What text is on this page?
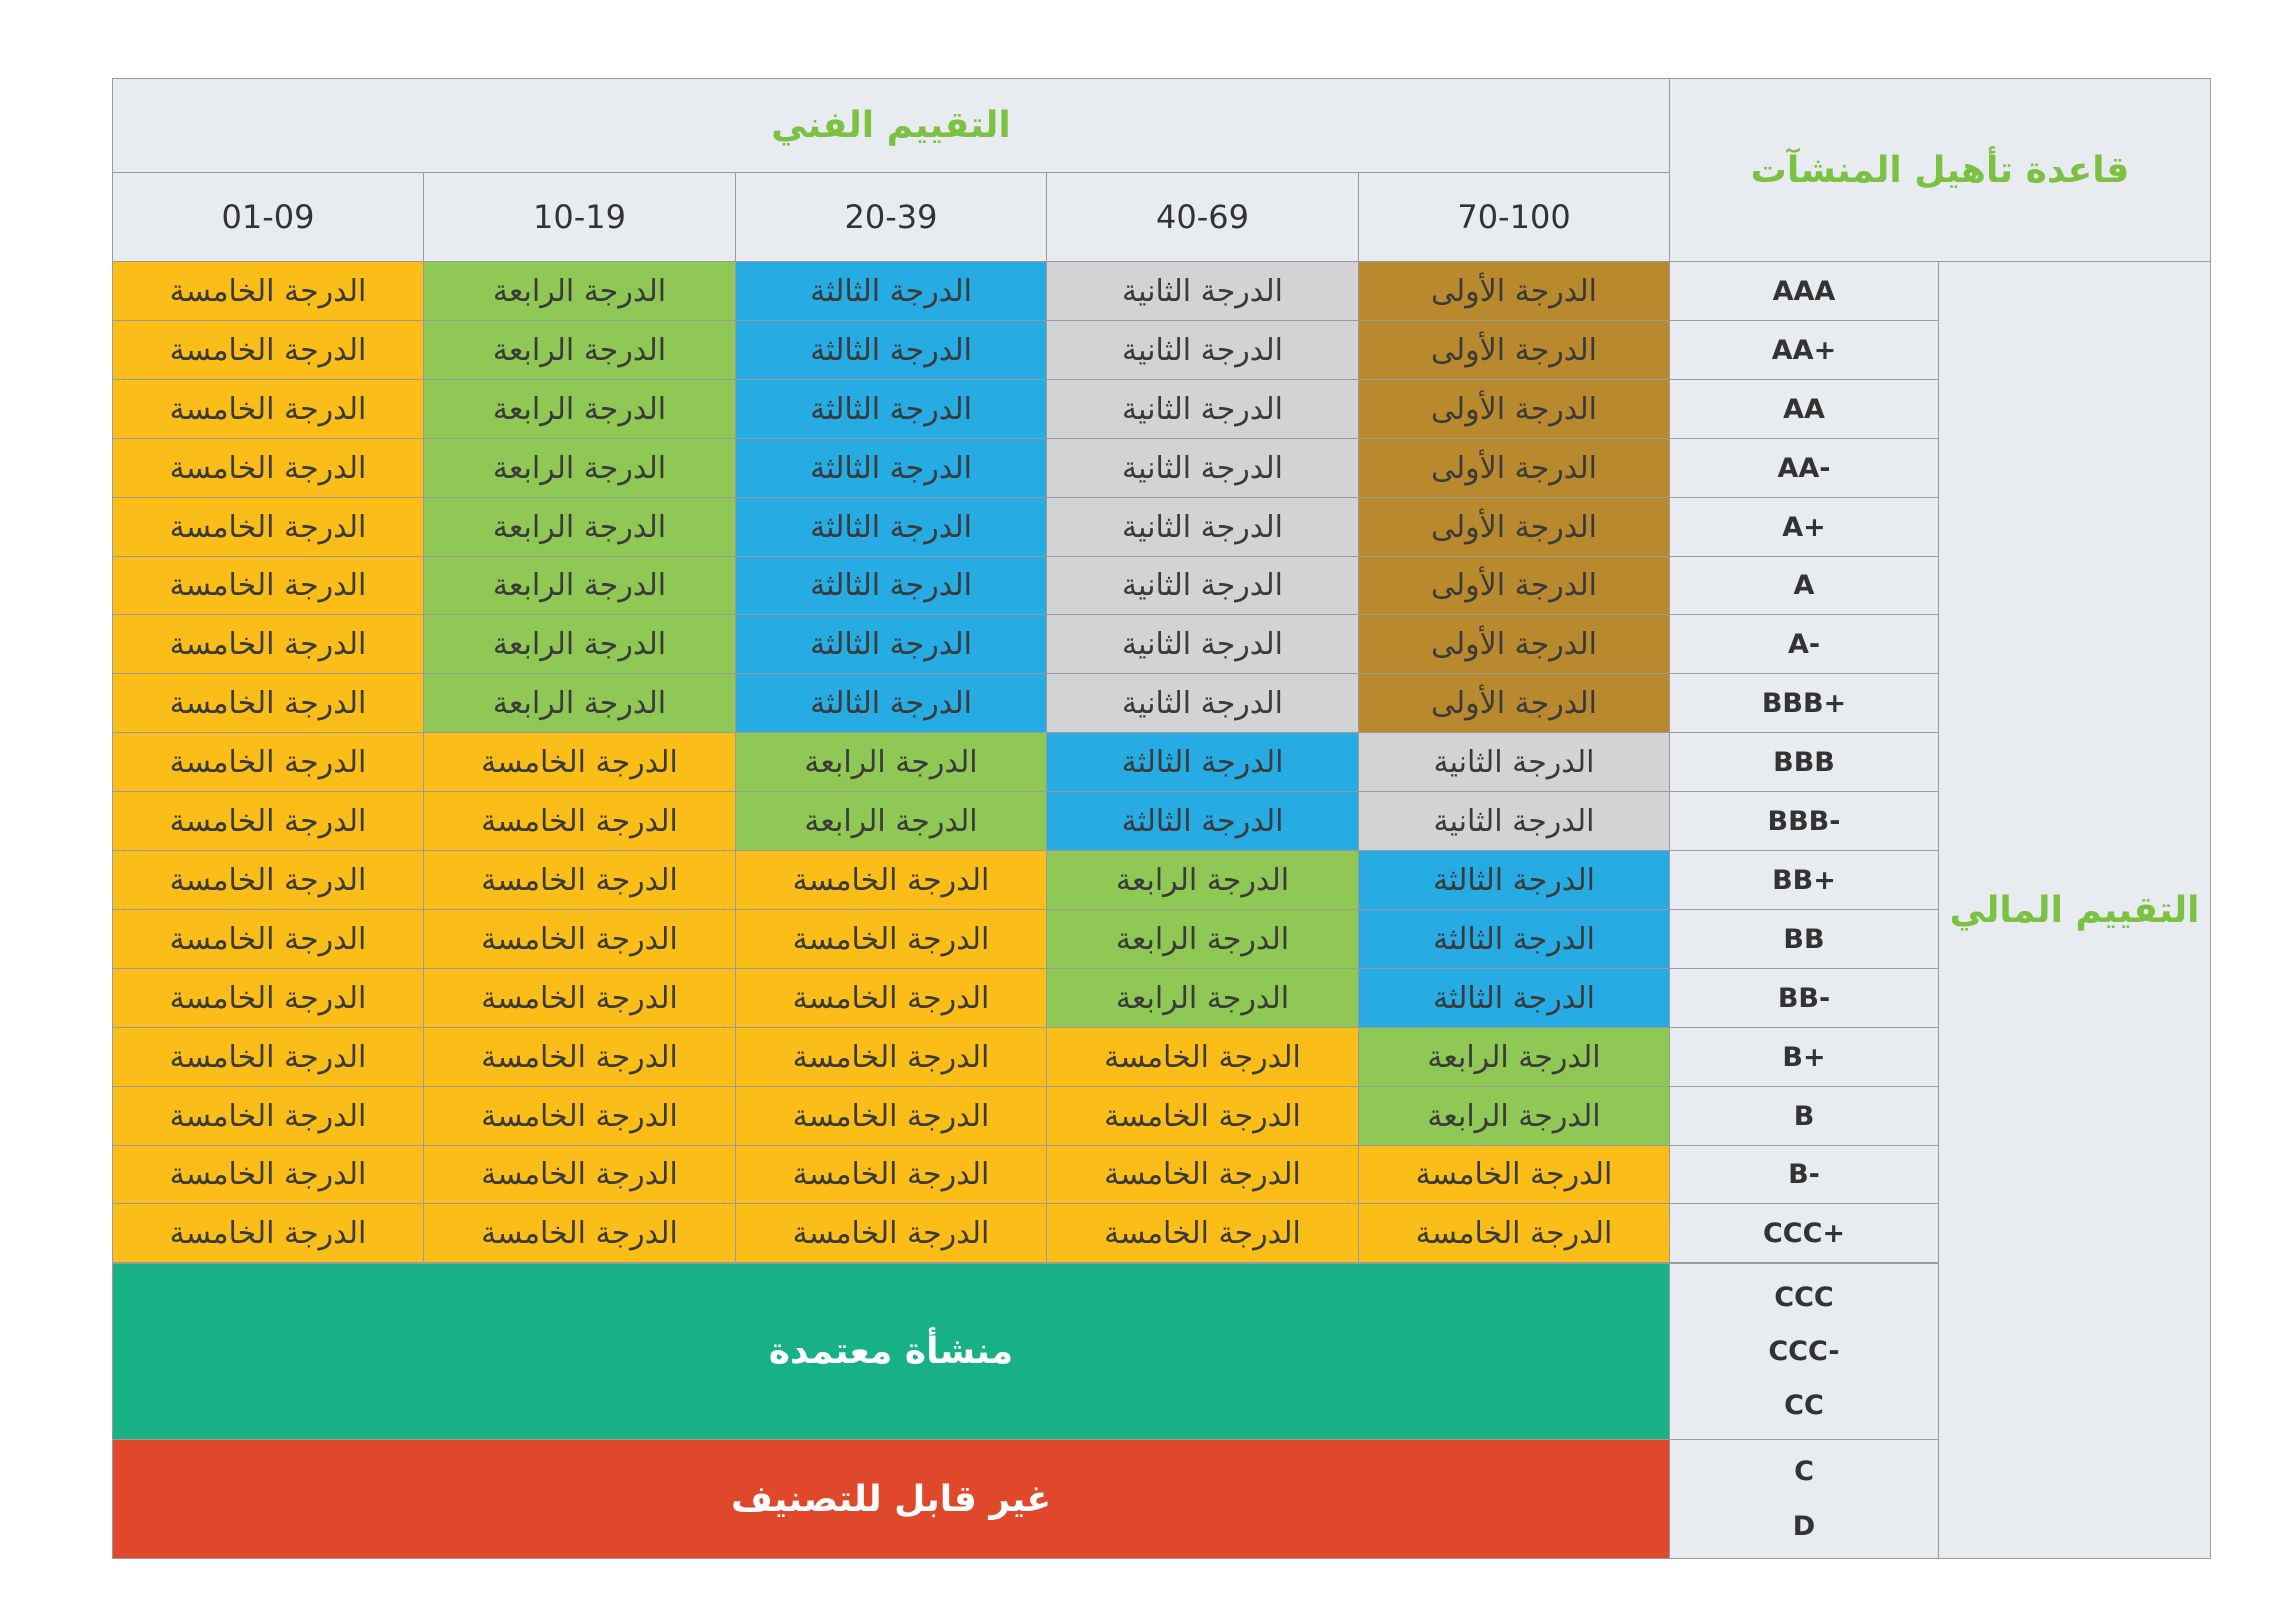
قاعدة تأهيل المنشآت
التقييم الفني
70-100
40-69
20-39
10-19
01-09
التقييم المالي
AAA
الدرجة الأولى
الدرجة الثانية
الدرجة الثالثة
الدرجة الرابعة
الدرجة الخامسة
AA+
الدرجة الأولى
الدرجة الثانية
الدرجة الثالثة
الدرجة الرابعة
الدرجة الخامسة
AA
الدرجة الأولى
الدرجة الثانية
الدرجة الثالثة
الدرجة الرابعة
الدرجة الخامسة
AA-
الدرجة الأولى
الدرجة الثانية
الدرجة الثالثة
الدرجة الرابعة
الدرجة الخامسة
A+
الدرجة الأولى
الدرجة الثانية
الدرجة الثالثة
الدرجة الرابعة
الدرجة الخامسة
A
الدرجة الأولى
الدرجة الثانية
الدرجة الثالثة
الدرجة الرابعة
الدرجة الخامسة
A-
الدرجة الأولى
الدرجة الثانية
الدرجة الثالثة
الدرجة الرابعة
الدرجة الخامسة
BBB+
الدرجة الأولى
الدرجة الثانية
الدرجة الثالثة
الدرجة الرابعة
الدرجة الخامسة
BBB
الدرجة الثانية
الدرجة الثالثة
الدرجة الرابعة
الدرجة الخامسة
الدرجة الخامسة
BBB-
الدرجة الثانية
الدرجة الثالثة
الدرجة الرابعة
الدرجة الخامسة
الدرجة الخامسة
BB+
الدرجة الثالثة
الدرجة الرابعة
الدرجة الخامسة
الدرجة الخامسة
الدرجة الخامسة
BB
الدرجة الثالثة
الدرجة الرابعة
الدرجة الخامسة
الدرجة الخامسة
الدرجة الخامسة
BB-
الدرجة الثالثة
الدرجة الرابعة
الدرجة الخامسة
الدرجة الخامسة
الدرجة الخامسة
B+
الدرجة الرابعة
الدرجة الخامسة
الدرجة الخامسة
الدرجة الخامسة
الدرجة الخامسة
B
الدرجة الرابعة
الدرجة الخامسة
الدرجة الخامسة
الدرجة الخامسة
الدرجة الخامسة
B-
الدرجة الخامسة
الدرجة الخامسة
الدرجة الخامسة
الدرجة الخامسة
الدرجة الخامسة
CCC+
الدرجة الخامسة
الدرجة الخامسة
الدرجة الخامسة
الدرجة الخامسة
الدرجة الخامسة
منشأة معتمدة
CCC
CCC-
CC
غير قابل للتصنيف
C
D
